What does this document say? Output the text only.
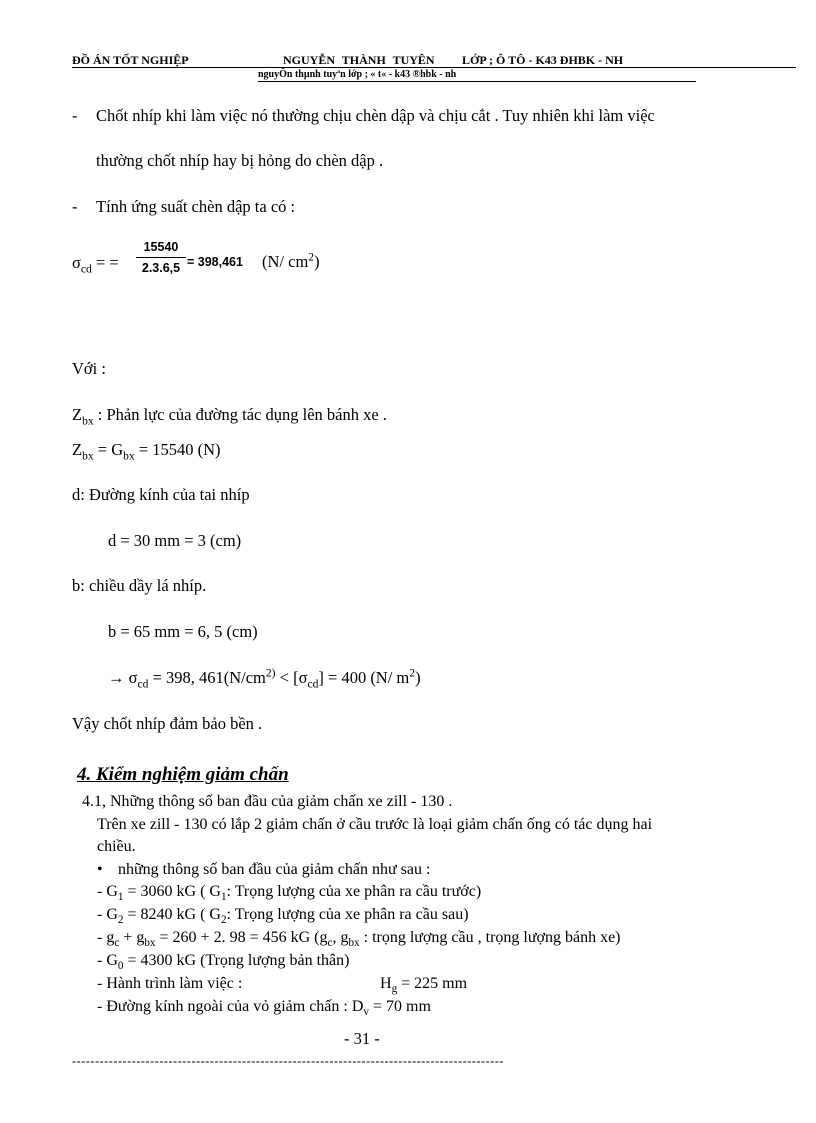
ĐỒ ÁN TỐT NGHIỆP	NGUYỄN THÀNH TUYÊN LỚP ; Ô TÔ - K43 ĐHBK - NH
nguyÔn thµnh tuyªn lớp ; « t« - k43 ®hbk - nh
- Chốt nhíp khi làm việc nó thường chịu chèn dập và chịu cắt . Tuy nhiên khi làm việc
thường chốt nhíp hay bị hỏng do chèn dập .
- Tính ứng suất chèn dập ta có :
$\sigma_{cd}$ = =
15540
2.3.6,5 = 398,461 (N/ $cm^2$)
Với :
$Z_{bx}$ : Phản lực của đường tác dụng lên bánh xe .
$Z_{bx} = G_{bx} = 15540$ (N)
d: Đường kính của tai nhíp
d = 30 mm = 3 (cm)
b: chiều dầy lá nhíp.
b = 65 mm = 6, 5 (cm)
→ $\sigma_{cd} = 398$, $461(N/cm^{2)} < [\sigma_{cd}] = 400$ (N/ $m^2$)
Vậy chốt nhíp đảm bảo bền .
4. Kiểm nghiệm giảm chấn
4.1, Những thông số ban đầu của giảm chấn xe zill - 130 .
Trên xe zill - 130 có lắp 2 giảm chấn ở cầu trước là loại giảm chấn ống có tác dụng hai
chiều.
• những thông số ban đầu của giảm chấn như sau :
- $G_1 = 3060$ kG ( $G_1$: Trọng lượng của xe phân ra cầu trước)
- $G_2 = 8240$ kG ( $G_2$: Trọng lượng của xe phân ra cầu sau)
- $g_c + g_{bx} = 260 + 2$. 98 = 456 kG ($g_c$, $g_{bx}$ : trọng lượng cầu , trọng lượng bánh xe)
- $G_0 = 4300$ kG (Trọng lượng bản thân)
- Hành trình làm việc :	$H_g = 225$ mm
- Đường kính ngoài của vỏ giảm chấn : $D_v = 70$ mm
- 31 -
----------------------------------------------------------------------------------------------
